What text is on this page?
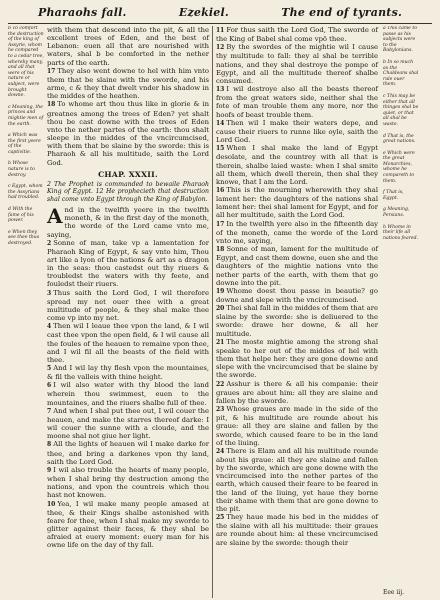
Pharaohs fall.	Ezekiel.	The end of tyrants.

b To comfort the destruction of the king of Assyrie, whom he compared to a cedar tree, whereby many, and all that were of his nature or subject, were brought downe.

c Meaning, the princes and mightie men of the earth.

a Which was the first yeere of the captivitie.

b Whose nature is to destroy.

c Egypt, whom the Assyrians had troubled.

d With the fame of his power.

e When they see thee thus destroyed.

with them that descend into the pit, & all the excellent trees of Eden, and the best of Lebanon: euen all that are nourished with waters, shal b be comforted in the nether parts of the earth.

17 They also went downe to hel with him vnto them that be slaine with the sworde, and his arme, c & they that dwelt vnder his shadow in the middes of the heathen.

18 To whome art thou thus like in glorie & in greatnes among the trees of Eden? yet shalt thou be cast downe with the trees of Eden vnto the nether partes of the earth: thou shalt sleepe in the middes of the vncircumcised, with them that be slaine by the sworde: this is Pharaoh & all his multitude, saith the Lord God.

CHAP. XXXII.

2 The Prophet is commanded to bewaile Pharaoh King of Egypt. 12 He prophecieth that destruction shal come vnto Egypt through the King of Babylon.

And in the twelfth yeere in the twelfth moneth, & in the first day of the moneth, the worde of the Lord came vnto me, saying,

2 Sonne of man, take vp a lamentation for Pharaoh King of Egypt, & say vnto him, Thou art like a lyon of the nations & art as a dragon in the seas: thou castedst out thy riuers & troubledst the waters with thy feete, and fouledst their riuers.

3 Thus saith the Lord God, I wil therefore spread my net ouer thee with a great multitude of people, & they shal make thee come vp into my net.

4 Then wil I leaue thee vpon the land, & I wil cast thee vpon the open field, & I wil cause all the foules of the heauen to remaine vpon thee, and I wil fil all the beasts of the field with thee.

5 And I wil lay thy flesh vpon the mountaines, & fil the valleis with thine height.

6 I wil also water with thy blood the land wherein thou swimmest, euen to the mountaines, and the riuers shalbe full of thee.

7 And when I shal put thee out, I wil couer the heauen, and make the starres thereof darke: I wil couer the sunne with a cloude, and the moone shal not giue her light.

8 All the lights of heauen wil I make darke for thee, and bring a darkenes vpon thy land, saith the Lord God.

9 I wil also trouble the hearts of many people, when I shal bring thy destruction among the nations, and vpon the countreis which thou hast not knowen.

10 Yea, I wil make many people amased at thee, & their Kings shalbe astonished with feare for thee, when I shal make my sworde to glitter against their faces, & they shal be afraied at euery moment: euery man for his owne life on the day of thy fall.

11 For thus saith the Lord God, The sworde of the King of Babel shal come vpō thee.

12 By the swordes of the mightie wil I cause thy multitude to fall: they al shal be terrible nations, and they shal destroye the pompe of Egypt, and all the multitude thereof shalbe consumed.

13 I wil destroye also all the beasts thereof from the great waters side, neither shal the fote of man trouble them any more, nor the hoofs of beast trouble them.

14 Then wil I make their waters depe, and cause their riuers to runne like oyle, saith the Lord God.

15 When I shal make the land of Egypt desolate, and the countrey with all that is therein, shalbe laied waste: when I shal smite all them, which dwell therein, then shal they knowe, that I am the Lord.

16 This is the mourning wherewith they shal lament her: the daughters of the nations shal lament her: thei shal lament for Egypt, and for all her multitude, saith the Lord God.

17 In the twelfth yere also in the fifteenth day of the moneth, came the worde of the Lord vnto me, saying,

18 Sonne of man, lament for the multitude of Egypt, and cast them downe, euen she and the daughters of the mightie nations vnto the nether parts of the earth, with them that go downe into the pit.

19 Whome doest thou passe in beautie? go downe and slepe with the vncircumcised.

20 Thei shal fall in the middes of them that are slaine by the sworde: she is deliuered to the sworde: drawe her downe, & all her multitude.

21 The moste mightie among the strong shal speake to her out of the middes of hel with them that helpe her: they are gone downe and slepe with the vncircumcised that be slaine by the sworde.

22 Asshur is there & all his companie: their graues are about him: all they are slaine and fallen by the sworde.

23 Whose graues are made in the side of the pit, & his multitude are rounde about his graue: all they are slaine and fallen by the sworde, which caused feare to be in the land of the liuing.

24 There is Elam and all his multitude rounde about his graue: all they are slaine and fallen by the sworde, which are gone downe with the vncircumcised into the nether partes of the earth, which caused their feare to be feared in the land of the liuing, yet haue they borne their shame with them that are gone downe to the pit.

25 They haue made his bed in the middes of the slaine with all his multitude: their graues are rounde about him: al these vncircumcised are slaine by the sworde: though their

a This came to passe as his subjects were to the Babylonians.

b In so much as the Chaldeans shal rule ouer them.

c This may be either that all thinges shal be quiet, or that all shal be waste.

d That is, the great nations.

e Which were the great Monarchies, whome he compareth to them.

f That is, Egypt.

g Meaning, Persians.

h Whome in their life all nations feared.

Eee iij.
